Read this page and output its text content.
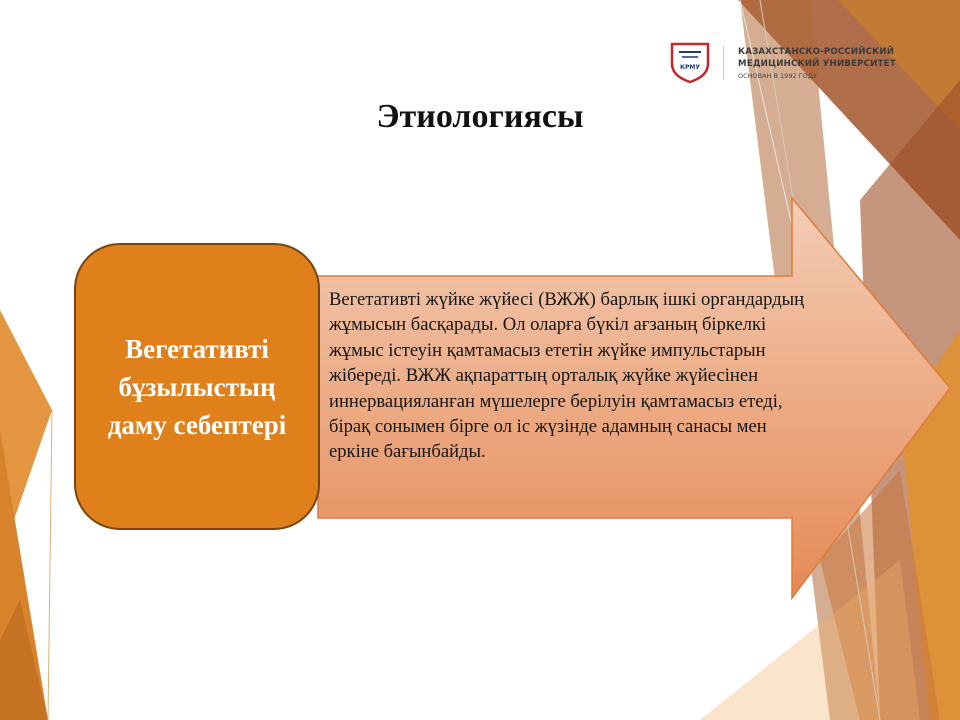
КРМУ
КАЗАХСТАНСКО-РОССИЙСКИЙ
МЕДИЦИНСКИЙ УНИВЕРСИТЕТ
ОСНОВАН В 1992 ГОДУ
Этиологиясы
Вегетативті бұзылыстың даму себептері
Вегетативті жүйке жүйесі (ВЖЖ) барлық ішкі органдардың жұмысын басқарады. Ол оларға бүкіл ағзаның біркелкі жұмыс істеуін қамтамасыз ететін жүйке импульстарын жібереді. ВЖЖ ақпараттың орталық жүйке жүйесінен иннервацияланған мүшелерге берілуін қамтамасыз етеді, бірақ сонымен бірге ол іс жүзінде адамның санасы мен еркіне бағынбайды.
